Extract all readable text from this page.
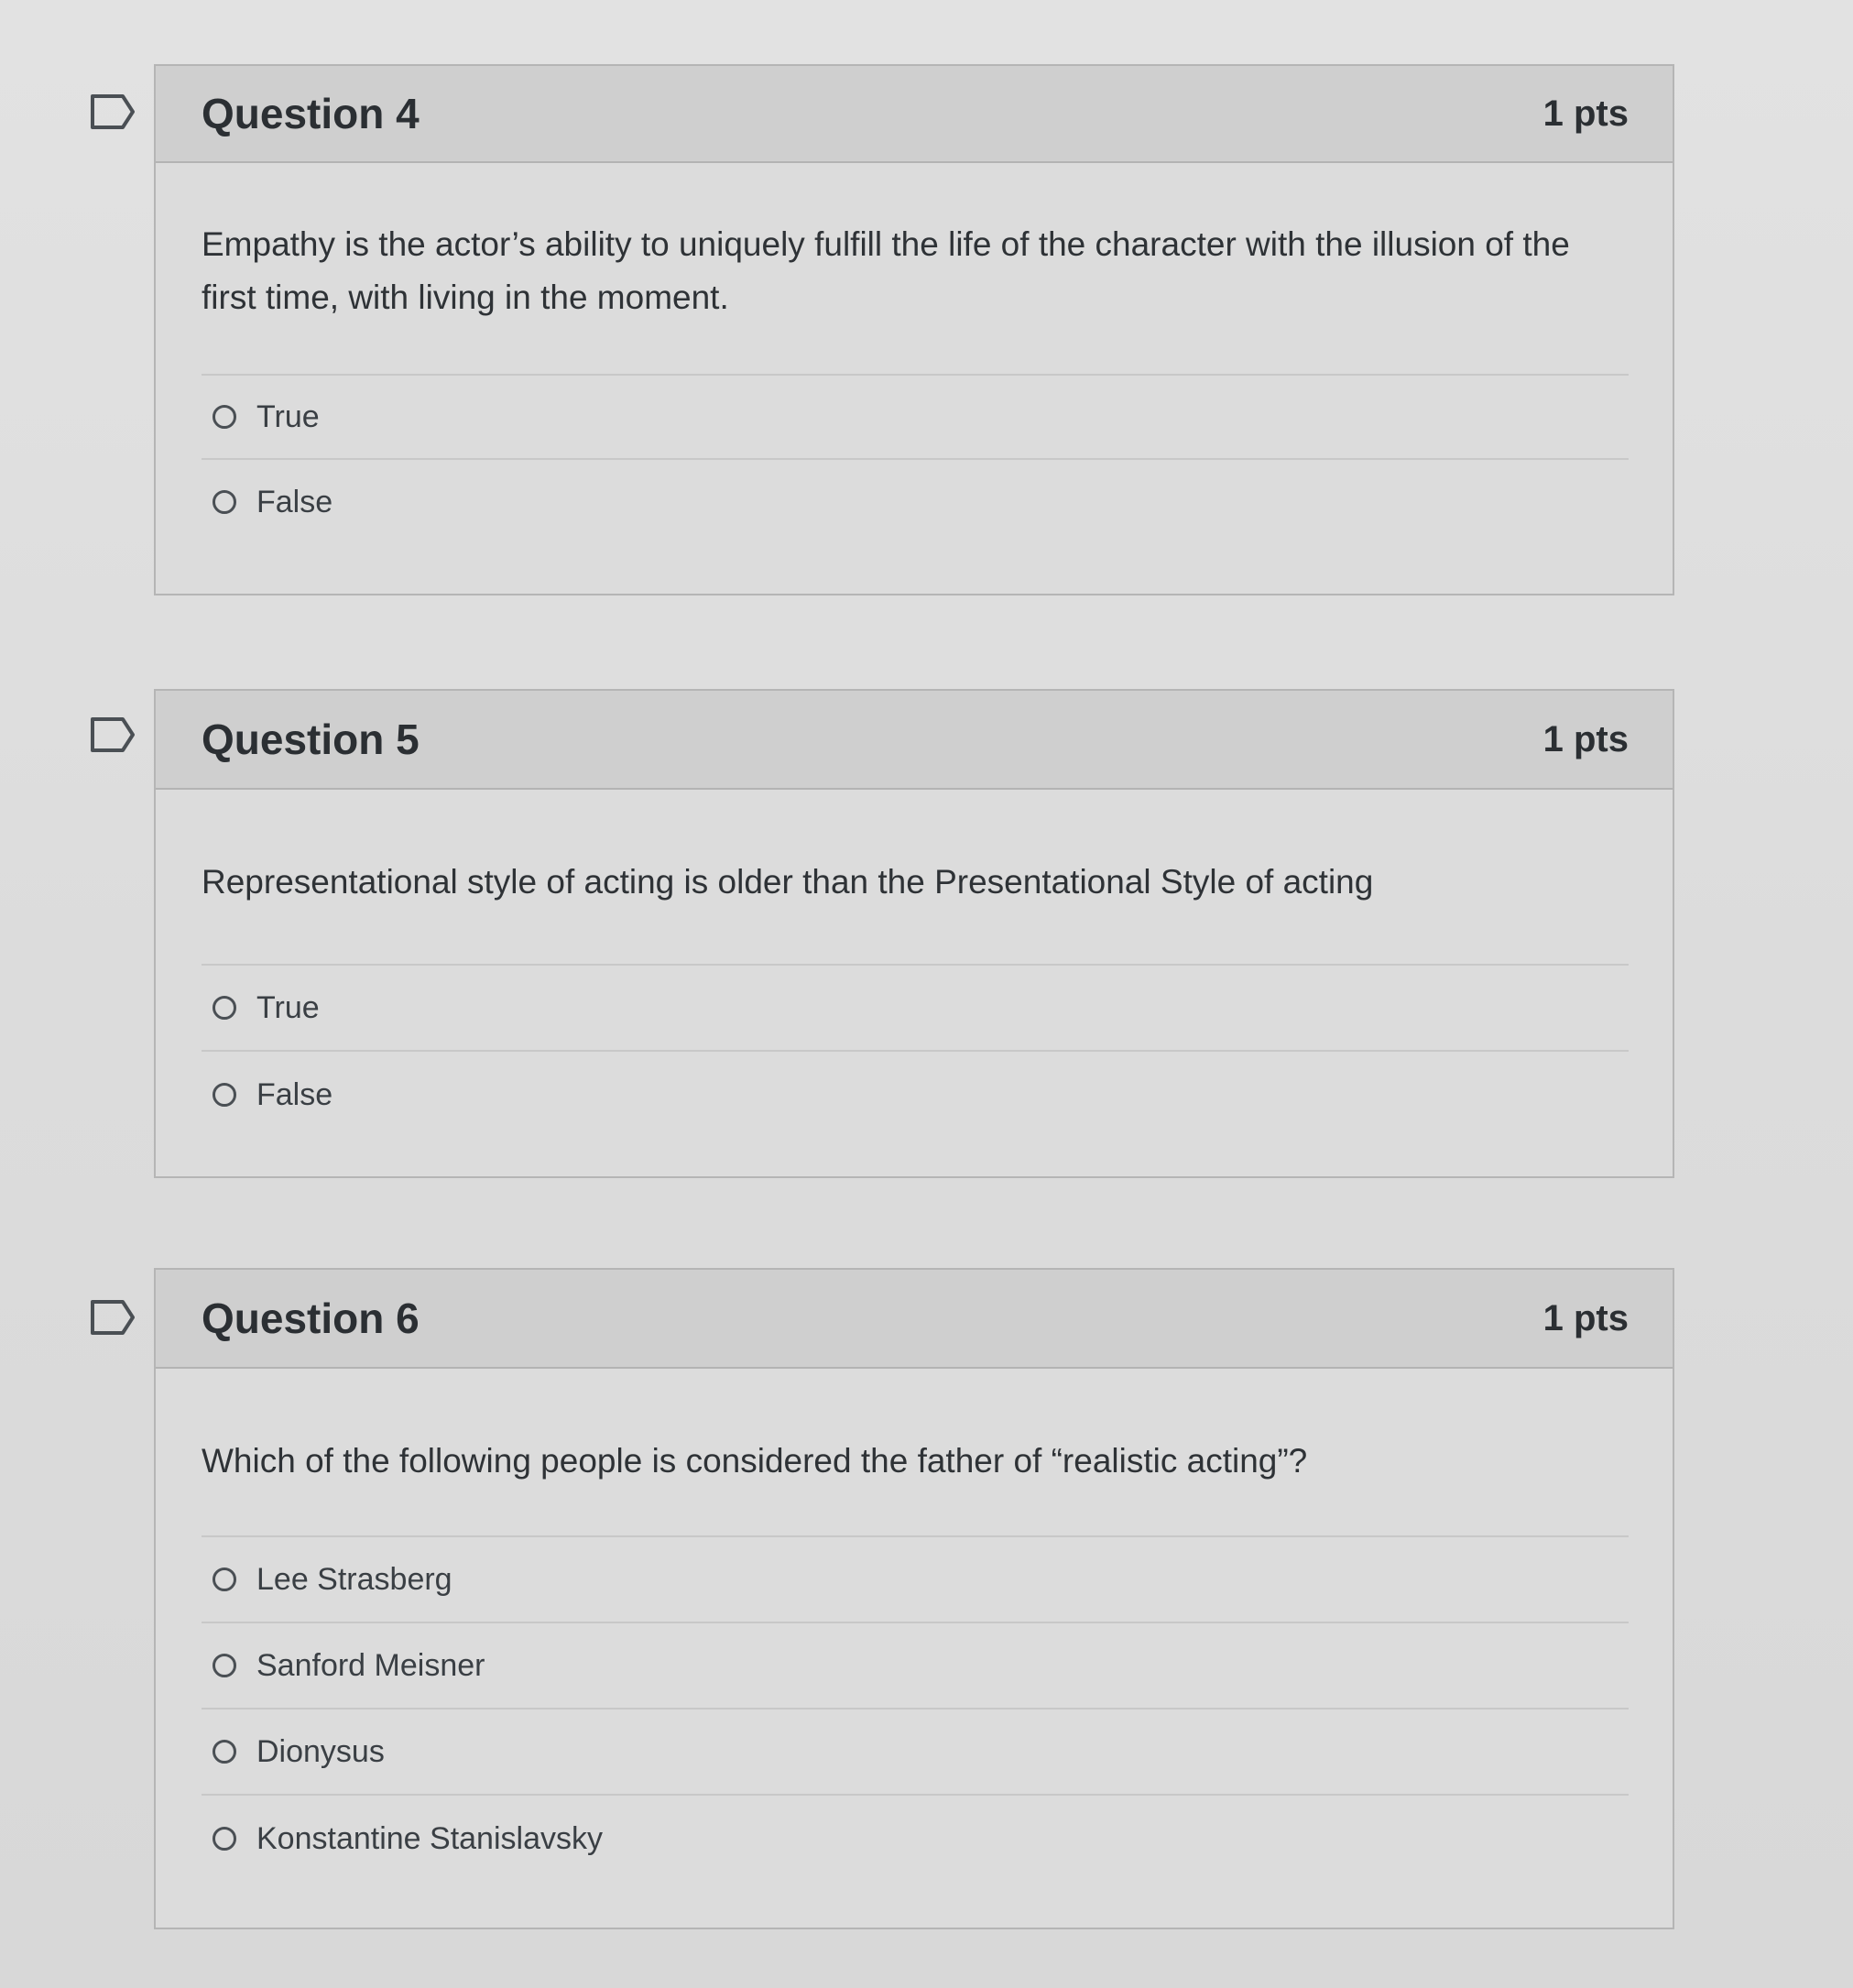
Question 4	1 pts

Empathy is the actor’s ability to uniquely fulfill the life of the character with the illusion of the first time, with living in the moment.

True
False
Question 5	1 pts

Representational style of acting is older than the Presentational Style of acting

True
False
Question 6	1 pts

Which of the following people is considered the father of “realistic acting”?

Lee Strasberg
Sanford Meisner
Dionysus
Konstantine Stanislavsky
